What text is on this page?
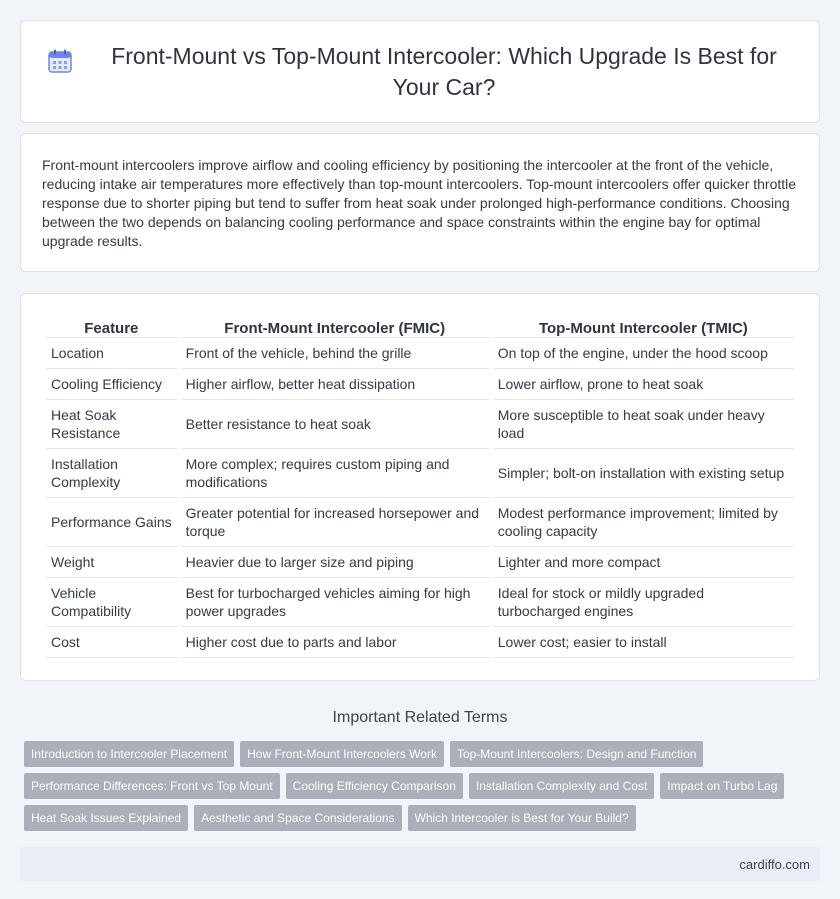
Front-Mount vs Top-Mount Intercooler: Which Upgrade Is Best for Your Car?

Front-mount intercoolers improve airflow and cooling efficiency by positioning the intercooler at the front of the vehicle, reducing intake air temperatures more effectively than top-mount intercoolers. Top-mount intercoolers offer quicker throttle response due to shorter piping but tend to suffer from heat soak under prolonged high-performance conditions. Choosing between the two depends on balancing cooling performance and space constraints within the engine bay for optimal upgrade results.

Feature	Front-Mount Intercooler (FMIC)	Top-Mount Intercooler (TMIC)
Location	Front of the vehicle, behind the grille	On top of the engine, under the hood scoop
Cooling Efficiency	Higher airflow, better heat dissipation	Lower airflow, prone to heat soak
Heat Soak Resistance	Better resistance to heat soak	More susceptible to heat soak under heavy load
Installation Complexity	More complex; requires custom piping and modifications	Simpler; bolt-on installation with existing setup
Performance Gains	Greater potential for increased horsepower and torque	Modest performance improvement; limited by cooling capacity
Weight	Heavier due to larger size and piping	Lighter and more compact
Vehicle Compatibility	Best for turbocharged vehicles aiming for high power upgrades	Ideal for stock or mildly upgraded turbocharged engines
Cost	Higher cost due to parts and labor	Lower cost; easier to install
Important Related Terms
Introduction to Intercooler Placement	How Front-Mount Intercoolers Work	Top-Mount Intercoolers: Design and Function
Performance Differences: Front vs Top Mount	Cooling Efficiency Comparison	Installation Complexity and Cost	Impact on Turbo Lag
Heat Soak Issues Explained	Aesthetic and Space Considerations	Which Intercooler is Best for Your Build?
cardiffo.com
